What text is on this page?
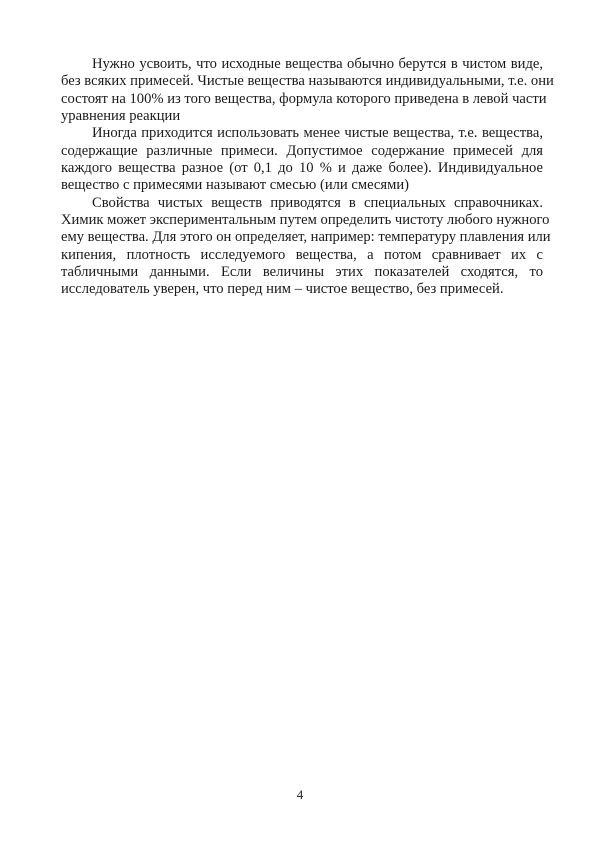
Нужно усвоить, что исходные вещества обычно берутся в чистом виде,
без всяких примесей. Чистые вещества называются индивидуальными, т.е. они
состоят на 100% из того вещества, формула которого приведена в левой части
уравнения реакции
Иногда приходится использовать менее чистые вещества, т.е. вещества,
содержащие различные примеси. Допустимое содержание примесей для
каждого вещества разное (от 0,1 до 10 % и даже более). Индивидуальное
вещество с примесями называют смесью (или смесями)
Свойства чистых веществ приводятся в специальных справочниках.
Химик может экспериментальным путем определить чистоту любого нужного
ему вещества. Для этого он определяет, например: температуру плавления или
кипения, плотность исследуемого вещества, а потом сравнивает их с
табличными данными. Если величины этих показателей сходятся, то
исследователь уверен, что перед ним – чистое вещество, без примесей.
4
